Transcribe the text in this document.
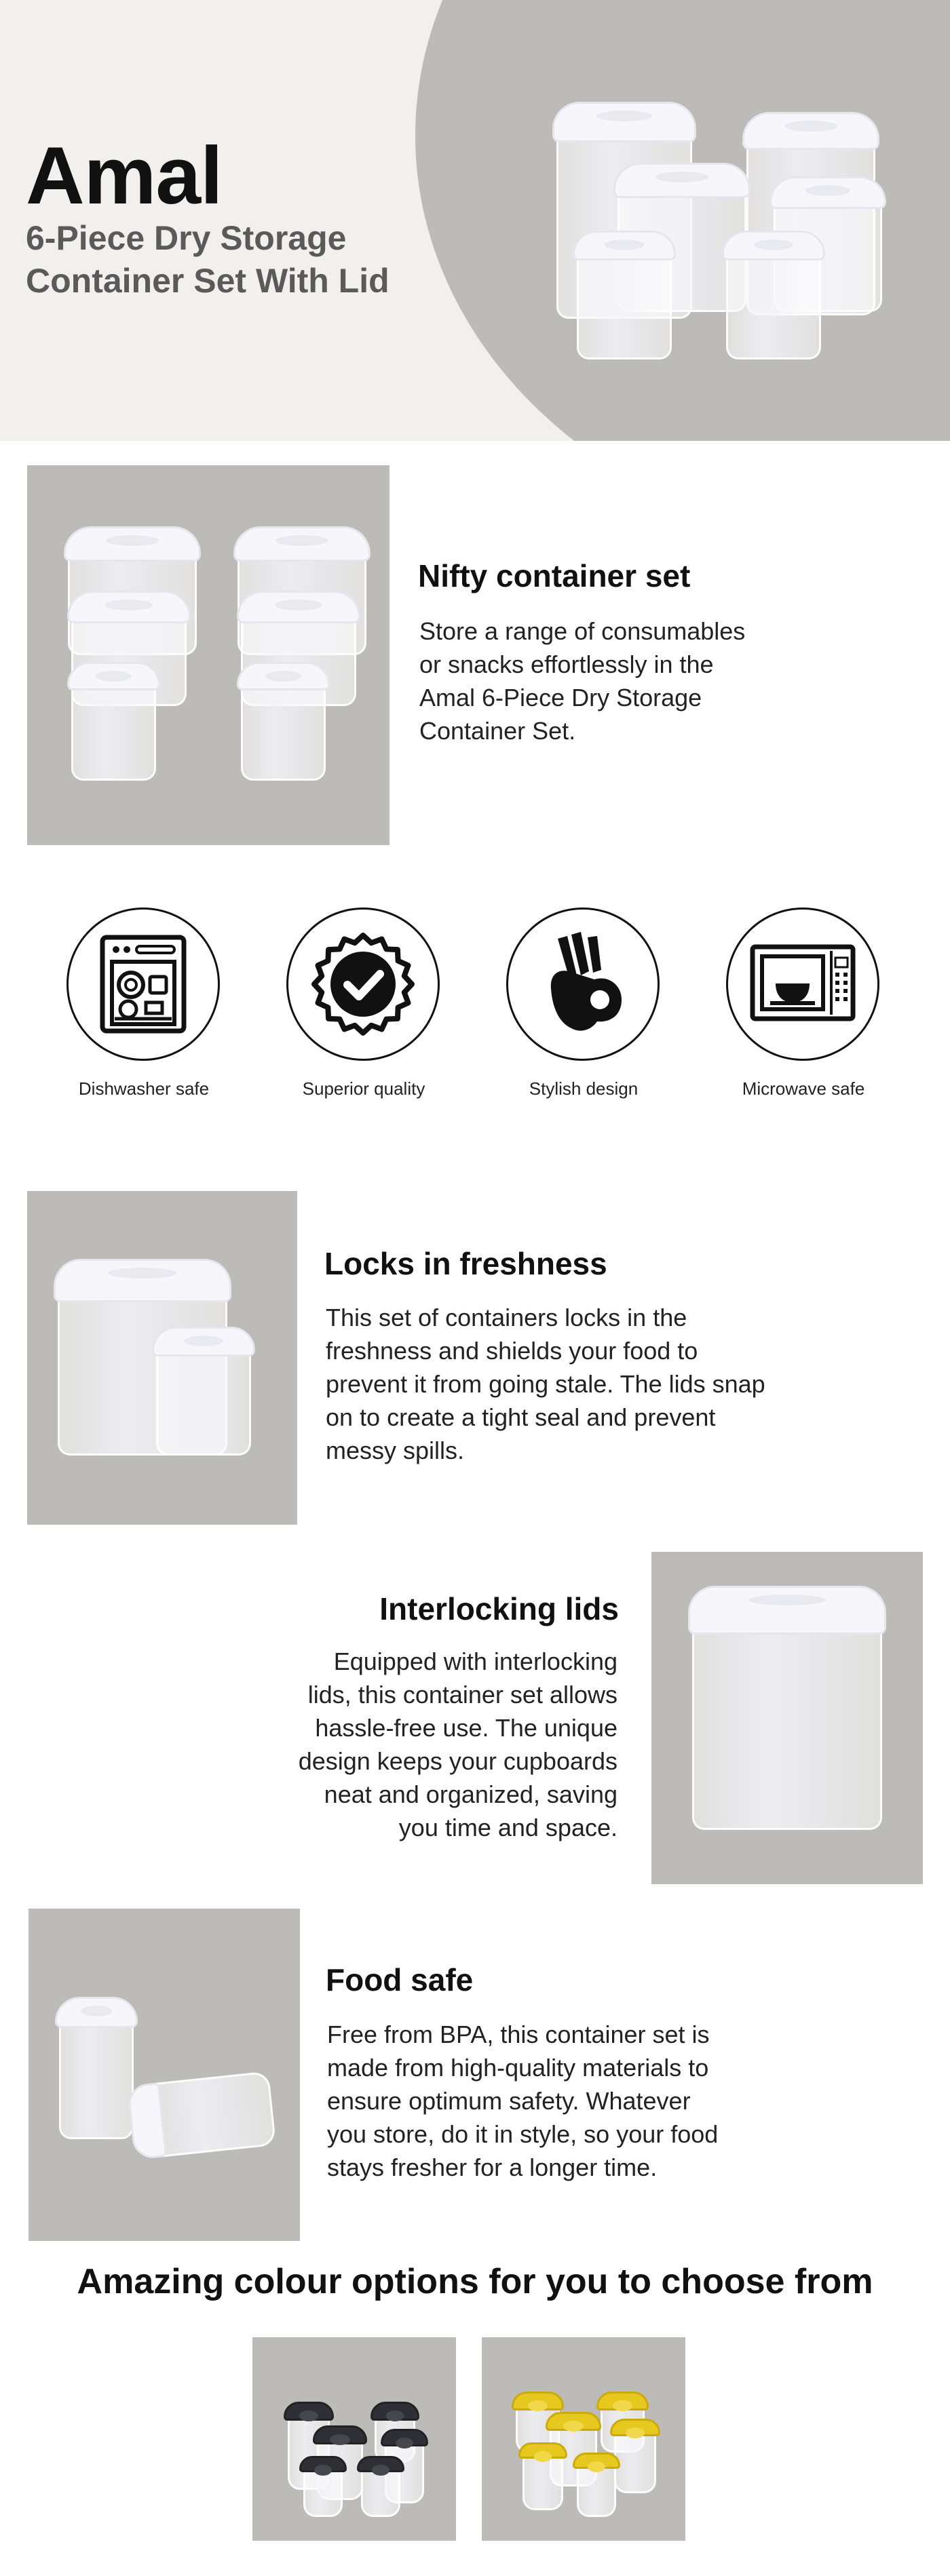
Amal

6-Piece Dry Storage

Container Set With Lid

Nifty container set

Store a range of consumables
or snacks effortlessly in the
Amal 6-Piece Dry Storage
Container Set.

Dishwasher safe	Superior quality	Stylish design	Microwave safe
Locks in freshness

This set of containers locks in the
freshness and shields your food to
prevent it from going stale. The lids snap
on to create a tight seal and prevent
messy spills.

Interlocking lids

Equipped with interlocking
lids, this container set allows
hassle-free use. The unique
design keeps your cupboards
neat and organized, saving
you time and space.

Food safe

Free from BPA, this container set is
made from high-quality materials to
ensure optimum safety. Whatever
you store, do it in style, so your food
stays fresher for a longer time.

Amazing colour options for you to choose from
